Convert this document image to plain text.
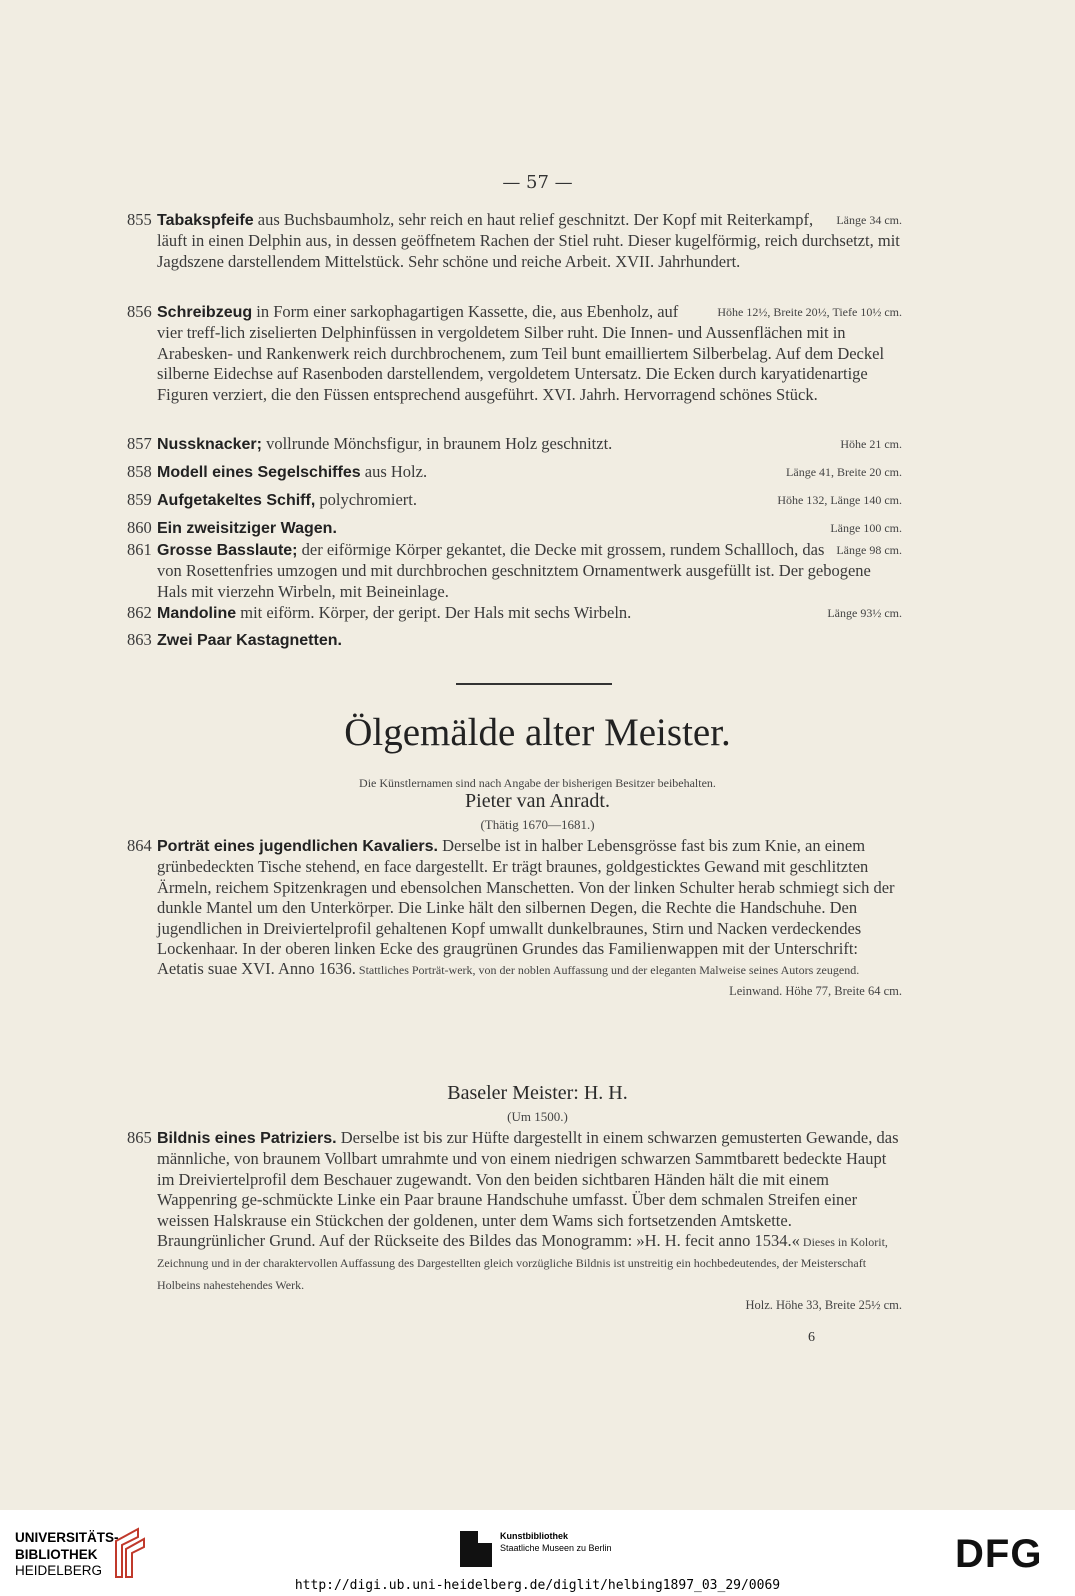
— 57 —
855	Länge 34 cm.
Tabakspfeife aus Buchsbaumholz, sehr reich en haut relief geschnitzt. Der Kopf mit Reiterkampf, läuft in einen Delphin aus, in dessen geöffnetem Rachen der Stiel ruht. Dieser kugelförmig, reich durchsetzt, mit Jagdszene darstellendem Mittelstück. Sehr schöne und reiche Arbeit. XVII. Jahrhundert.
856	Höhe 12½, Breite 20½, Tiefe 10½ cm.
Schreibzeug in Form einer sarkophagartigen Kassette, die, aus Ebenholz, auf vier treff-lich ziselierten Delphinfüssen in vergoldetem Silber ruht. Die Innen- und Aussenflächen mit in Arabesken- und Rankenwerk reich durchbrochenem, zum Teil bunt emailliertem Silberbelag. Auf dem Deckel silberne Eidechse auf Rasenboden darstellendem, vergoldetem Untersatz. Die Ecken durch karyatidenartige Figuren verziert, die den Füssen entsprechend ausgeführt. XVI. Jahrh. Hervorragend schönes Stück.
857	Höhe 21 cm.
Nussknacker; vollrunde Mönchsfigur, in braunem Holz geschnitzt.
858	Länge 41, Breite 20 cm.
Modell eines Segelschiffes aus Holz.
859	Höhe 132, Länge 140 cm.
Aufgetakeltes Schiff, polychromiert.
860	Länge 100 cm.
Ein zweisitziger Wagen.
861	Länge 98 cm.
Grosse Basslaute; der eiförmige Körper gekantet, die Decke mit grossem, rundem Schallloch, das von Rosettenfries umzogen und mit durchbrochen geschnitztem Ornamentwerk ausgefüllt ist. Der gebogene Hals mit vierzehn Wirbeln, mit Beineinlage.
862	Länge 93½ cm.
Mandoline mit eiförm. Körper, der geript. Der Hals mit sechs Wirbeln.
863 Zwei Paar Kastagnetten.
Ölgemälde alter Meister.
Die Künstlernamen sind nach Angabe der bisherigen Besitzer beibehalten.
Pieter van Anradt.
(Thätig 1670—1681.)
864 Porträt eines jugendlichen Kavaliers. Derselbe ist in halber Lebensgrösse fast bis zum Knie, an einem grünbedeckten Tische stehend, en face dargestellt. Er trägt braunes, goldgesticktes Gewand mit geschlitzten Ärmeln, reichem Spitzenkragen und ebensolchen Manschetten. Von der linken Schulter herab schmiegt sich der dunkle Mantel um den Unterkörper. Die Linke hält den silbernen Degen, die Rechte die Handschuhe. Den jugendlichen in Dreiviertelprofil gehaltenen Kopf umwallt dunkelbraunes, Stirn und Nacken verdeckendes Lockenhaar. In der oberen linken Ecke des graugrünen Grundes das Familienwappen mit der Unterschrift: Aetatis suae XVI. Anno 1636. Stattliches Porträt-werk, von der noblen Auffassung und der eleganten Malweise seines Autors zeugend.
Leinwand. Höhe 77, Breite 64 cm.
Baseler Meister: H. H.
(Um 1500.)
865 Bildnis eines Patriziers. Derselbe ist bis zur Hüfte dargestellt in einem schwarzen gemusterten Gewande, das männliche, von braunem Vollbart umrahmte und von einem niedrigen schwarzen Sammtbarett bedeckte Haupt im Dreiviertelprofil dem Beschauer zugewandt. Von den beiden sichtbaren Händen hält die mit einem Wappenring ge-schmückte Linke ein Paar braune Handschuhe umfasst. Über dem schmalen Streifen einer weissen Halskrause ein Stückchen der goldenen, unter dem Wams sich fortsetzenden Amtskette. Braungrünlicher Grund. Auf der Rückseite des Bildes das Monogramm: »H. H. fecit anno 1534.« Dieses in Kolorit, Zeichnung und in der charaktervollen Auffassung des Dargestellten gleich vorzügliche Bildnis ist unstreitig ein hochbedeutendes, der Meisterschaft Holbeins nahestehendes Werk.
Holz. Höhe 33, Breite 25½ cm.
6
UNIVERSITÄTS-
BIBLIOTHEK
HEIDELBERG
Kunstbibliothek
Staatliche Museen zu Berlin	DFG
http://digi.ub.uni-heidelberg.de/diglit/helbing1897_03_29/0069
